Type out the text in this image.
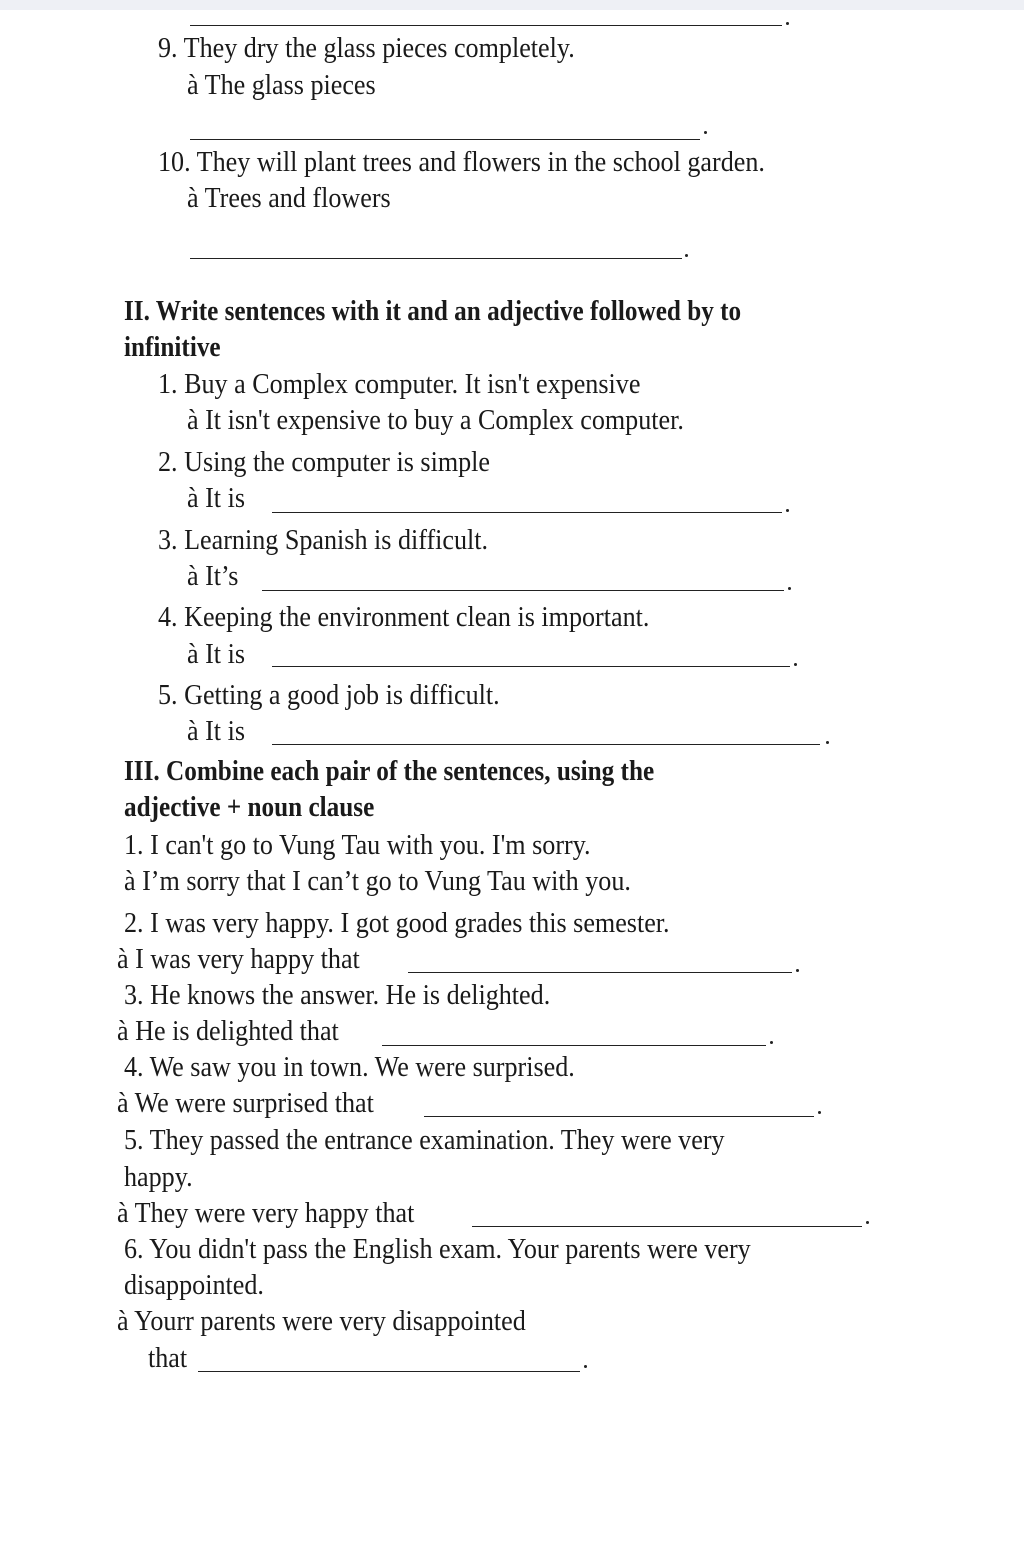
9. They dry the glass pieces completely.
à The glass pieces
10. They will plant trees and flowers in the school garden.
à Trees and flowers
II. Write sentences with it and an adjective followed by to
infinitive
1. Buy a Complex computer. It isn't expensive
à It isn't expensive to buy a Complex computer.
2. Using the computer is simple
à It is
3. Learning Spanish is difficult.
à It’s
4. Keeping the environment clean is important.
à It is
5. Getting a good job is difficult.
à It is
III. Combine each pair of the sentences, using the
adjective + noun clause
1. I can't go to Vung Tau with you. I'm sorry.
à I’m sorry that I can’t go to Vung Tau with you.
2. I was very happy. I got good grades this semester.
à I was very happy that
3. He knows the answer. He is delighted.
à He is delighted that
4. We saw you in town. We were surprised.
à We were surprised that
5. They passed the entrance examination. They were very
happy.
à They were very happy that
6. You didn't pass the English exam. Your parents were very
disappointed.
à Yourr parents were very disappointed
that
